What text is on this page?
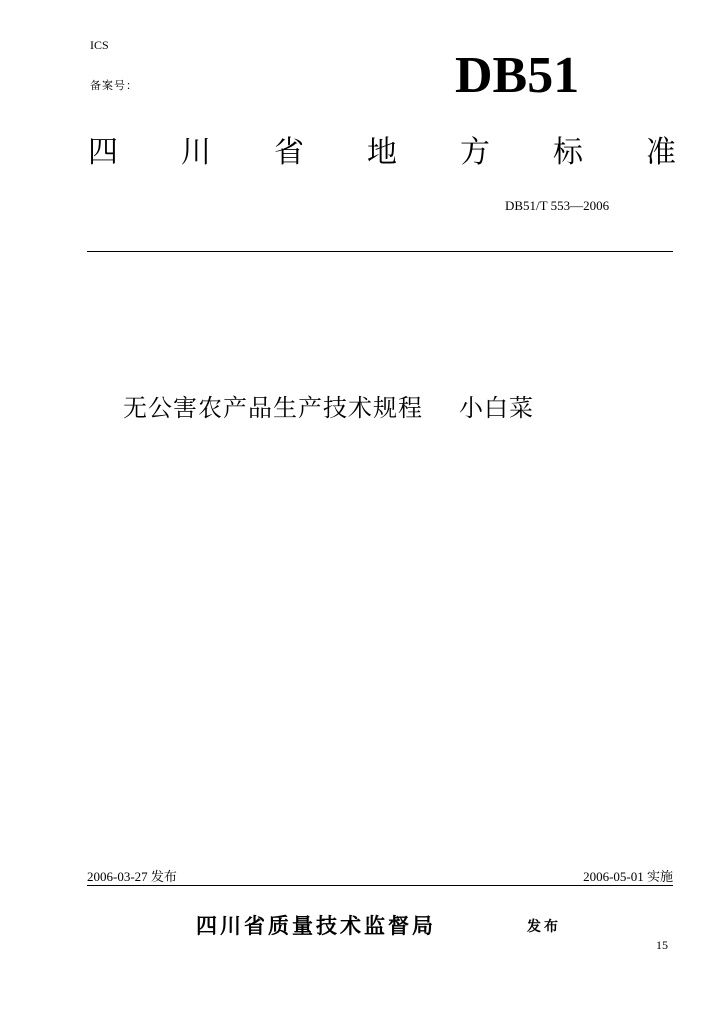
ICS
备案号：	DB51
四 川 省 地 方 标 准
DB51/T 553—2006
无公害农产品生产技术规程 小白菜
2006-03-27 发布	2006-05-01 实施
四川省质量技术监督局	发布
15
